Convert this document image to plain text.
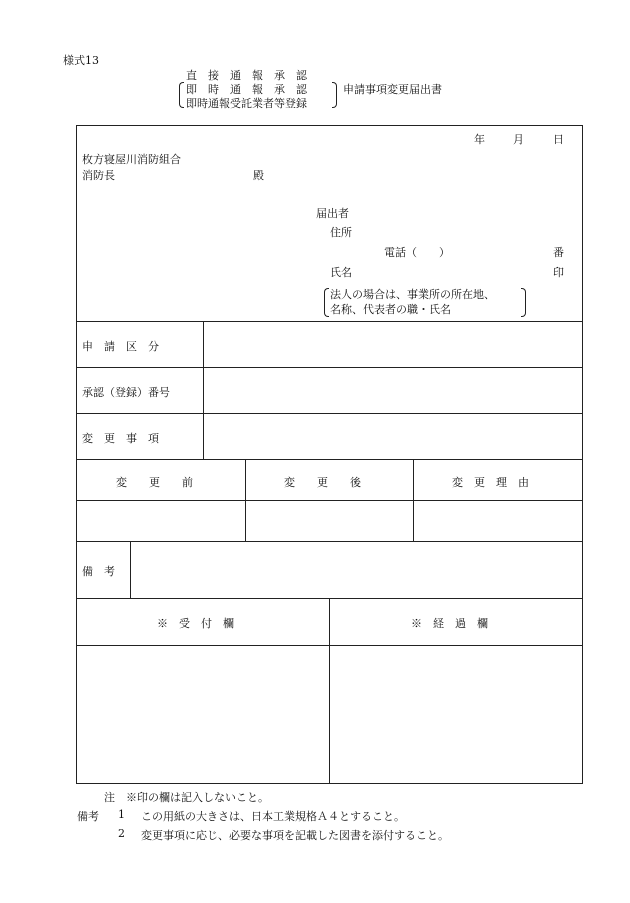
様式13
直　接　通　報　承　認
即　時　通　報　承　認
即時通報受託業者等登録
申請事項変更届出書
年	月	日
枚方寝屋川消防組合
消防長	殿
届出者
住所
電話（　　）	番
氏名	印
法人の場合は、事業所の所在地、
名称、代表者の職・氏名
申　請　区　分
承認（登録）番号
変　更　事　項
変　　更　　前	変　　更　　後	変　更　理　由
備　考
※　受　付　欄	※　経　過　欄
注　※印の欄は記入しないこと。
備考 1 この用紙の大きさは、日本工業規格Ａ４とすること。
2 変更事項に応じ、必要な事項を記載した図書を添付すること。
